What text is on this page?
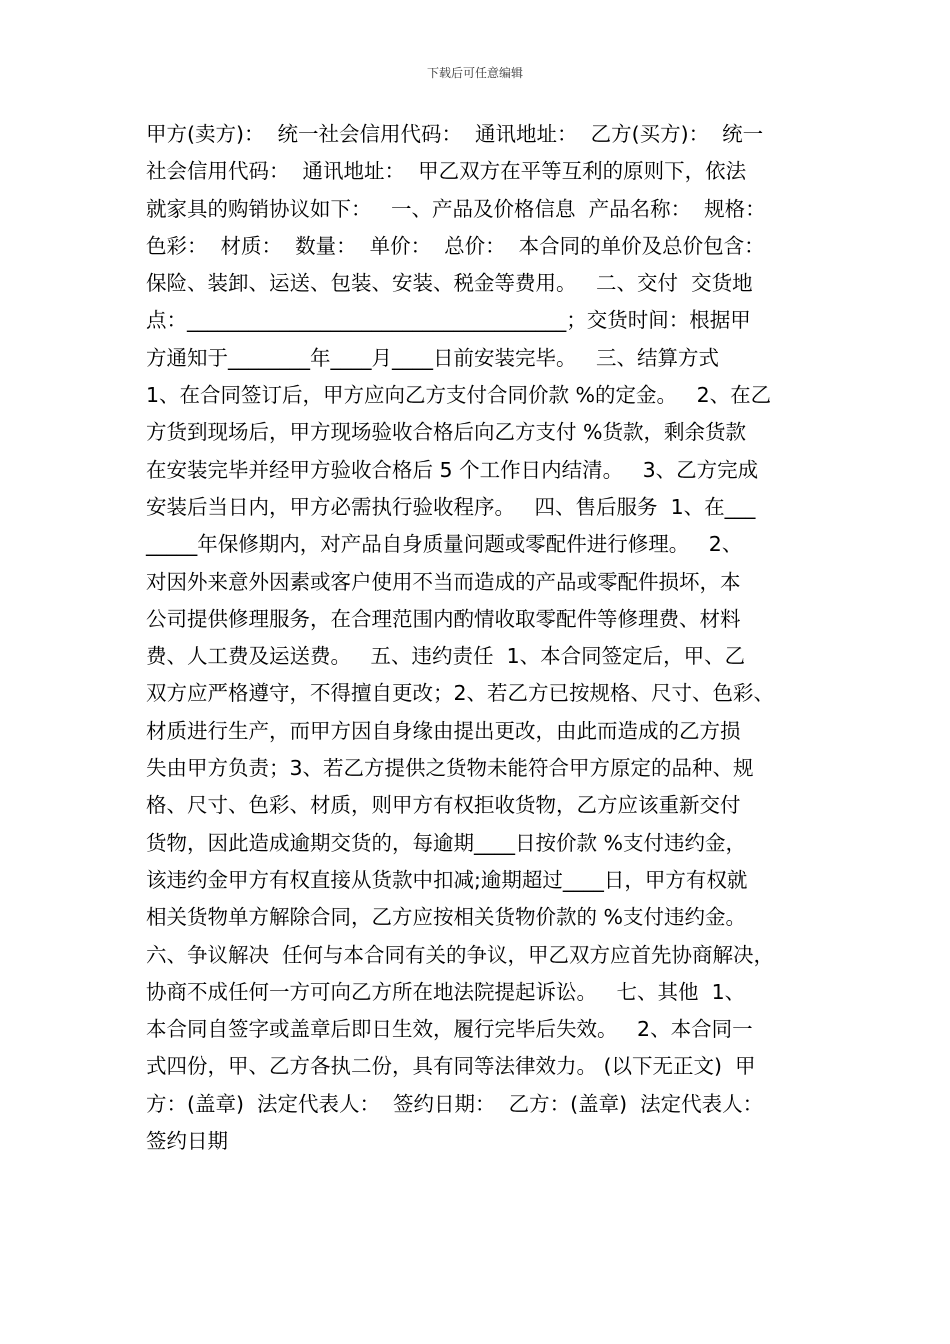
下载后可任意编辑
甲方(卖方)：  统一社会信用代码：  通讯地址：  乙方(买方)：  统一
社会信用代码：  通讯地址：  甲乙双方在平等互利的原则下，依法
就家具的购销协议如下：   一、产品及价格信息  产品名称：  规格：
色彩：  材质：  数量：  单价：  总价：  本合同的单价及总价包含：
保险、装卸、运送、包装、安装、税金等费用。   二、交付  交货地
点：_____________________________________；交货时间：根据甲
方通知于________年____月____日前安装完毕。   三、结算方式
1、在合同签订后，甲方应向乙方支付合同价款 %的定金。   2、在乙
方货到现场后，甲方现场验收合格后向乙方支付 %货款，剩余货款
在安装完毕并经甲方验收合格后 5 个工作日内结清。   3、乙方完成
安装后当日内，甲方必需执行验收程序。   四、售后服务  1、在___
_____年保修期内，对产品自身质量问题或零配件进行修理。   2、
对因外来意外因素或客户使用不当而造成的产品或零配件损坏，本
公司提供修理服务，在合理范围内酌情收取零配件等修理费、材料
费、人工费及运送费。   五、违约责任  1、本合同签定后，甲、乙
双方应严格遵守，不得擅自更改；2、若乙方已按规格、尺寸、色彩、
材质进行生产，而甲方因自身缘由提出更改，由此而造成的乙方损
失由甲方负责；3、若乙方提供之货物未能符合甲方原定的品种、规
格、尺寸、色彩、材质，则甲方有权拒收货物，乙方应该重新交付
货物，因此造成逾期交货的，每逾期____日按价款 %支付违约金，
该违约金甲方有权直接从货款中扣减;逾期超过____日，甲方有权就
相关货物单方解除合同，乙方应按相关货物价款的 %支付违约金。
六、争议解决  任何与本合同有关的争议，甲乙双方应首先协商解决，
协商不成任何一方可向乙方所在地法院提起诉讼。   七、其他  1、
本合同自签字或盖章后即日生效，履行完毕后失效。   2、本合同一
式四份，甲、乙方各执二份，具有同等法律效力。 (以下无正文)  甲
方：(盖章)  法定代表人：  签约日期：  乙方：(盖章)  法定代表人：
签约日期
